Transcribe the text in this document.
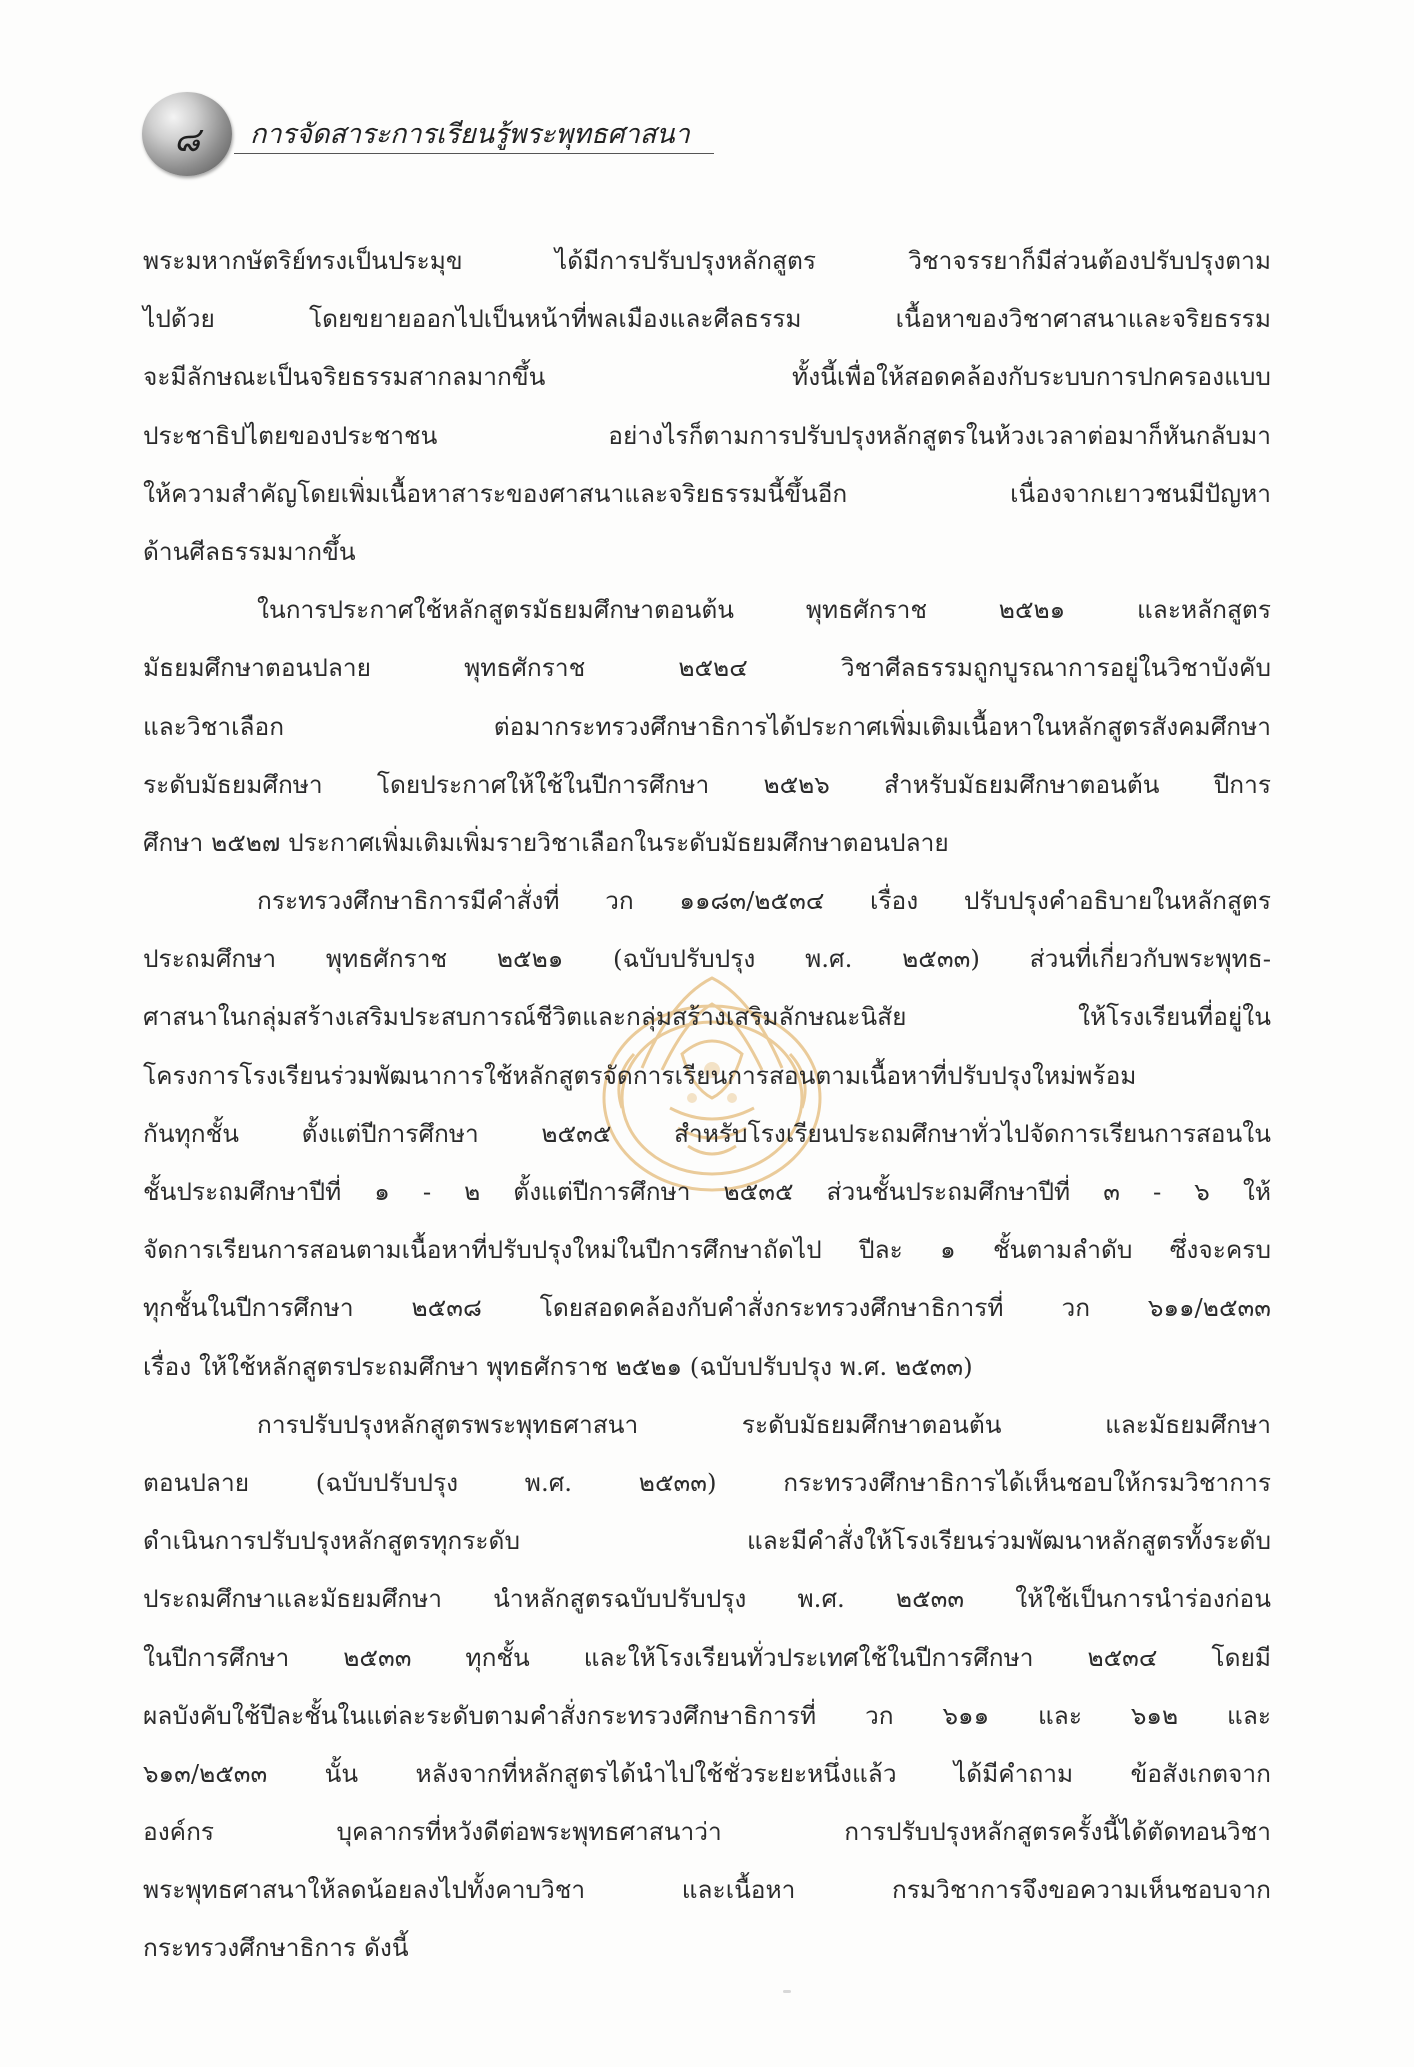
๘	การจัดสาระการเรียนรู้พระพุทธศาสนา
พระมหากษัตริย์ทรงเป็นประมุข ได้มีการปรับปรุงหลักสูตร วิชาจรรยาก็มีส่วนต้องปรับปรุงตาม
ไปด้วย โดยขยายออกไปเป็นหน้าที่พลเมืองและศีลธรรม เนื้อหาของวิชาศาสนาและจริยธรรม
จะมีลักษณะเป็นจริยธรรมสากลมากขึ้น ทั้งนี้เพื่อให้สอดคล้องกับระบบการปกครองแบบ
ประชาธิปไตยของประชาชน อย่างไรก็ตามการปรับปรุงหลักสูตรในห้วงเวลาต่อมาก็หันกลับมา
ให้ความสำคัญโดยเพิ่มเนื้อหาสาระของศาสนาและจริยธรรมนี้ขึ้นอีก เนื่องจากเยาวชนมีปัญหา
ด้านศีลธรรมมากขึ้น
ในการประกาศใช้หลักสูตรมัธยมศึกษาตอนต้น พุทธศักราช ๒๕๒๑ และหลักสูตร
มัธยมศึกษาตอนปลาย พุทธศักราช ๒๕๒๔ วิชาศีลธรรมถูกบูรณาการอยู่ในวิชาบังคับ
และวิชาเลือก ต่อมากระทรวงศึกษาธิการได้ประกาศเพิ่มเติมเนื้อหาในหลักสูตรสังคมศึกษา
ระดับมัธยมศึกษา โดยประกาศให้ใช้ในปีการศึกษา ๒๕๒๖ สำหรับมัธยมศึกษาตอนต้น ปีการ
ศึกษา ๒๕๒๗ ประกาศเพิ่มเติมเพิ่มรายวิชาเลือกในระดับมัธยมศึกษาตอนปลาย
กระทรวงศึกษาธิการมีคำสั่งที่ วก ๑๑๘๓/๒๕๓๔ เรื่อง ปรับปรุงคำอธิบายในหลักสูตร
ประถมศึกษา พุทธศักราช ๒๕๒๑ (ฉบับปรับปรุง พ.ศ. ๒๕๓๓) ส่วนที่เกี่ยวกับพระพุทธ-
ศาสนาในกลุ่มสร้างเสริมประสบการณ์ชีวิตและกลุ่มสร้างเสริมลักษณะนิสัย ให้โรงเรียนที่อยู่ใน
โครงการโรงเรียนร่วมพัฒนาการใช้หลักสูตรจัดการเรียนการสอนตามเนื้อหาที่ปรับปรุงใหม่พร้อม
กันทุกชั้น ตั้งแต่ปีการศึกษา ๒๕๓๕ สำหรับโรงเรียนประถมศึกษาทั่วไปจัดการเรียนการสอนใน
ชั้นประถมศึกษาปีที่ ๑ - ๒ ตั้งแต่ปีการศึกษา ๒๕๓๕ ส่วนชั้นประถมศึกษาปีที่ ๓ - ๖ ให้
จัดการเรียนการสอนตามเนื้อหาที่ปรับปรุงใหม่ในปีการศึกษาถัดไป ปีละ ๑ ชั้นตามลำดับ ซึ่งจะครบ
ทุกชั้นในปีการศึกษา ๒๕๓๘ โดยสอดคล้องกับคำสั่งกระทรวงศึกษาธิการที่ วก ๖๑๑/๒๕๓๓
เรื่อง ให้ใช้หลักสูตรประถมศึกษา พุทธศักราช ๒๕๒๑ (ฉบับปรับปรุง พ.ศ. ๒๕๓๓)
การปรับปรุงหลักสูตรพระพุทธศาสนา ระดับมัธยมศึกษาตอนต้น และมัธยมศึกษา
ตอนปลาย (ฉบับปรับปรุง พ.ศ. ๒๕๓๓) กระทรวงศึกษาธิการได้เห็นชอบให้กรมวิชาการ
ดำเนินการปรับปรุงหลักสูตรทุกระดับ และมีคำสั่งให้โรงเรียนร่วมพัฒนาหลักสูตรทั้งระดับ
ประถมศึกษาและมัธยมศึกษา นำหลักสูตรฉบับปรับปรุง พ.ศ. ๒๕๓๓ ให้ใช้เป็นการนำร่องก่อน
ในปีการศึกษา ๒๕๓๓ ทุกชั้น และให้โรงเรียนทั่วประเทศใช้ในปีการศึกษา ๒๕๓๔ โดยมี
ผลบังคับใช้ปีละชั้นในแต่ละระดับตามคำสั่งกระทรวงศึกษาธิการที่ วก ๖๑๑ และ ๖๑๒ และ
๖๑๓/๒๕๓๓ นั้น หลังจากที่หลักสูตรได้นำไปใช้ชั่วระยะหนึ่งแล้ว ได้มีคำถาม ข้อสังเกตจาก
องค์กร บุคลากรที่หวังดีต่อพระพุทธศาสนาว่า การปรับปรุงหลักสูตรครั้งนี้ได้ตัดทอนวิชา
พระพุทธศาสนาให้ลดน้อยลงไปทั้งคาบวิชา และเนื้อหา กรมวิชาการจึงขอความเห็นชอบจาก
กระทรวงศึกษาธิการ ดังนี้
